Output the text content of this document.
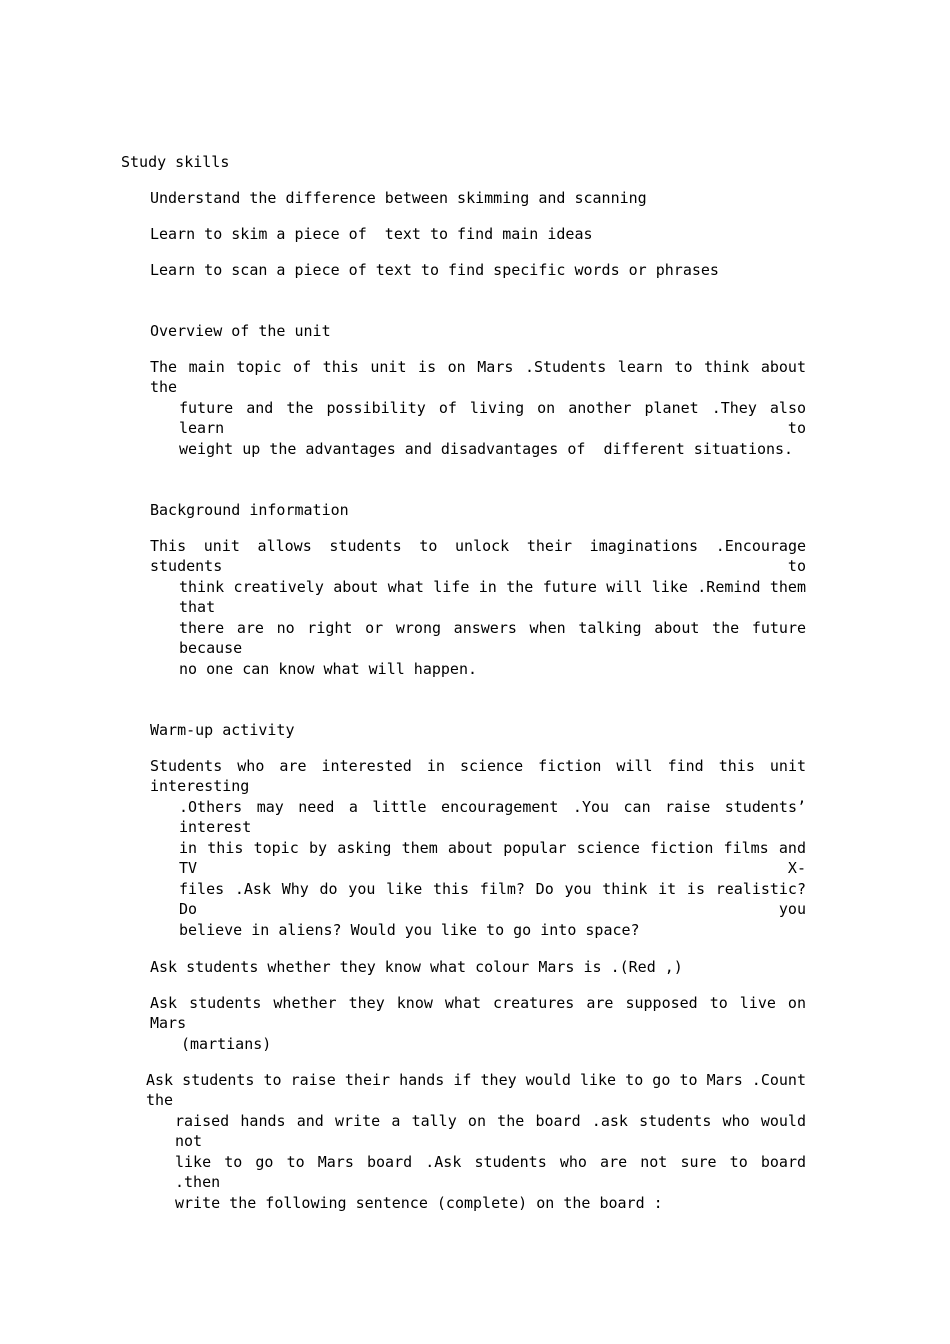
Study skills

Understand the difference between skimming and scanning

Learn to skim a piece of  text to find main ideas

Learn to scan a piece of text to find specific words or phrases

Overview of the unit

The main topic of this unit is on Mars .Students learn to think about the

future and the possibility of living on another planet .They also learn to

weight up the advantages and disadvantages of  different situations.

Background information

This unit allows students to unlock their imaginations .Encourage students to

think creatively about what life in the future will like .Remind them that

there are no right or wrong answers when talking about the future because

no one can know what will happen.

Warm-up activity

Students who are interested in science fiction will find this unit interesting

.Others may need a little encouragement .You can raise students’ interest

in this topic by asking them about popular science fiction films and TV X-

files .Ask Why do you like this film? Do you think it is realistic? Do you

believe in aliens? Would you like to go into space?

Ask students whether they know what colour Mars is .(Red ,)

Ask students whether they know what creatures are supposed to live on Mars

(martians)

Ask students to raise their hands if they would like to go to Mars .Count the

raised hands and write a tally on the board .ask students who would not

like to go to Mars board .Ask students who are not sure to board .then

write the following sentence (complete) on the board :
